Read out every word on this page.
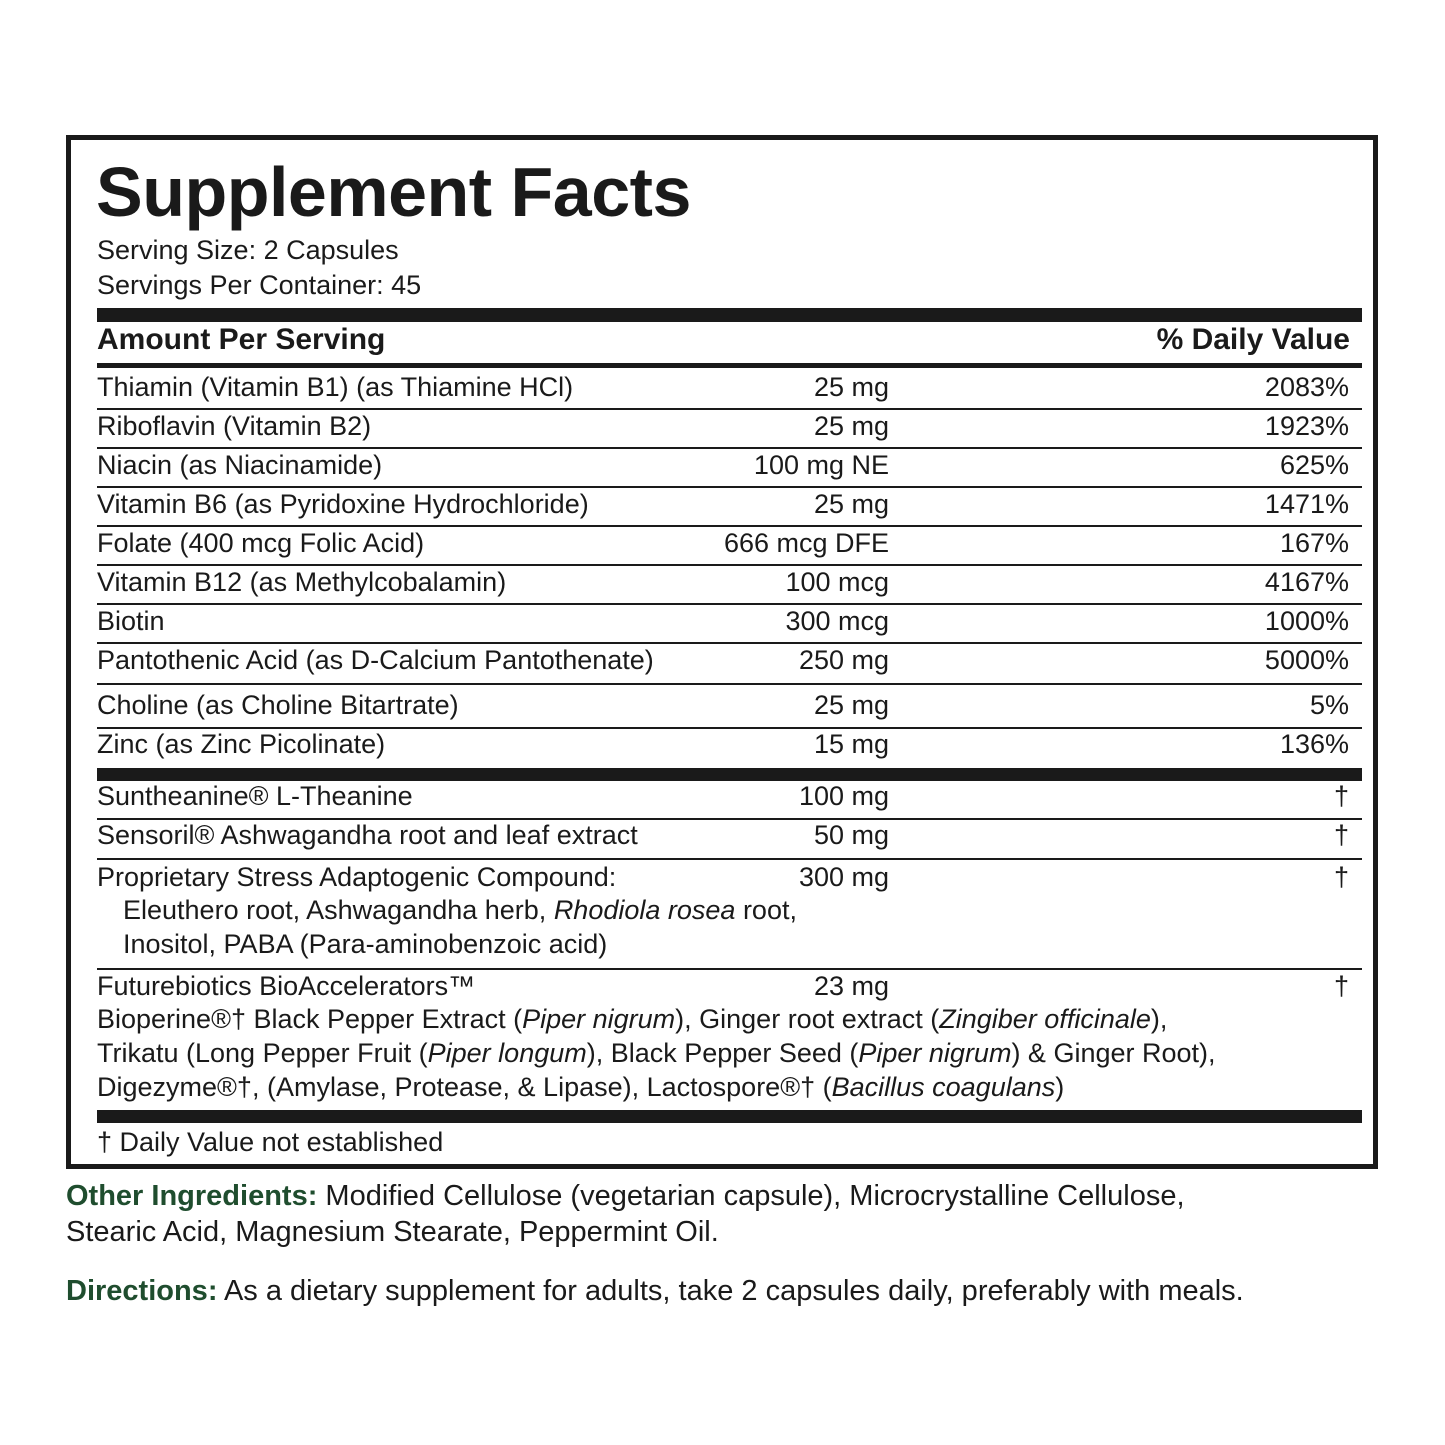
Supplement Facts
Serving Size: 2 Capsules
Servings Per Container: 45
Amount Per Serving	% Daily Value
Thiamin (Vitamin B1) (as Thiamine HCl)	25 mg	2083%
Riboflavin (Vitamin B2)	25 mg	1923%
Niacin (as Niacinamide)	100 mg NE	625%
Vitamin B6 (as Pyridoxine Hydrochloride)	25 mg	1471%
Folate (400 mcg Folic Acid)	666 mcg DFE	167%
Vitamin B12 (as Methylcobalamin)	100 mcg	4167%
Biotin	300 mcg	1000%
Pantothenic Acid (as D-Calcium Pantothenate)	250 mg	5000%
Choline (as Choline Bitartrate)	25 mg	5%
Zinc (as Zinc Picolinate)	15 mg	136%
Suntheanine® L-Theanine	100 mg	†
Sensoril® Ashwagandha root and leaf extract	50 mg	†
Proprietary Stress Adaptogenic Compound:	300 mg	†
Eleuthero root, Ashwagandha herb, Rhodiola rosea root,
Inositol, PABA (Para-aminobenzoic acid)
Futurebiotics BioAccelerators™	23 mg	†
Bioperine®† Black Pepper Extract (Piper nigrum), Ginger root extract (Zingiber officinale),
Trikatu (Long Pepper Fruit (Piper longum), Black Pepper Seed (Piper nigrum) & Ginger Root),
Digezyme®†, (Amylase, Protease, & Lipase), Lactospore®† (Bacillus coagulans)
† Daily Value not established
Other Ingredients: Modified Cellulose (vegetarian capsule), Microcrystalline Cellulose,
Stearic Acid, Magnesium Stearate, Peppermint Oil.
Directions: As a dietary supplement for adults, take 2 capsules daily, preferably with meals.
